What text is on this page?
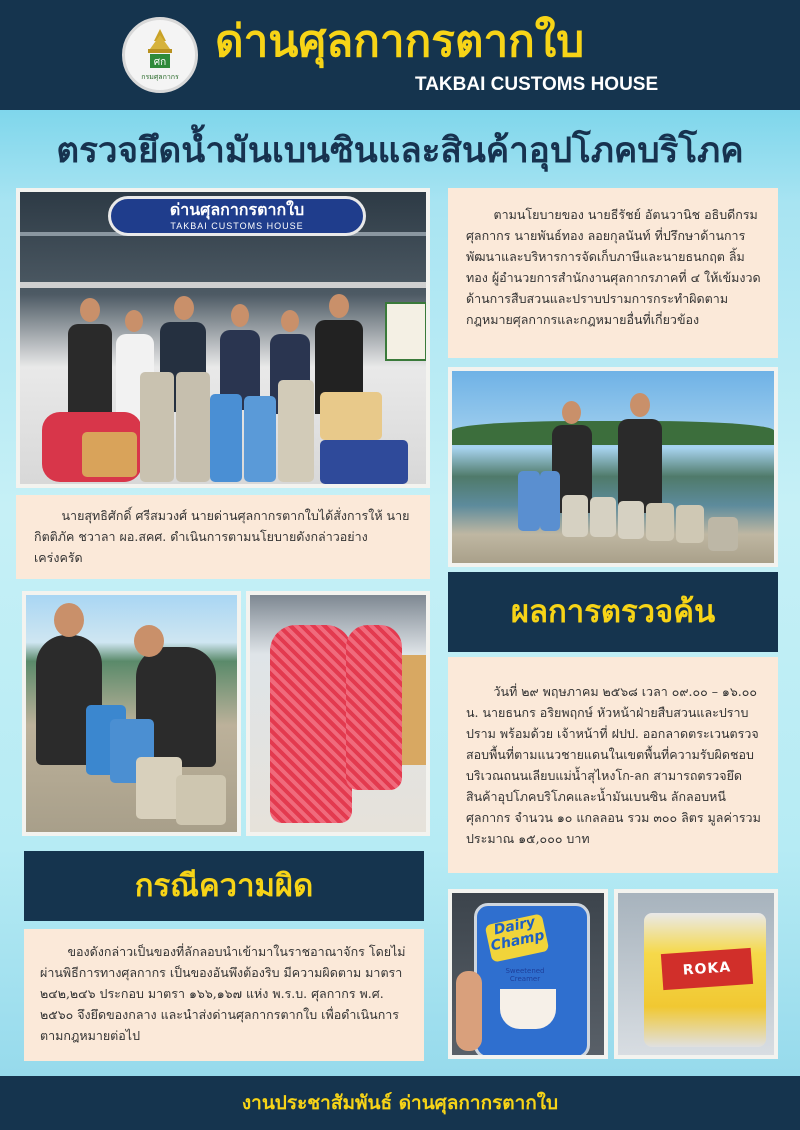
ศก
กรมศุลกากร
ด่านศุลกากรตากใบ
TAKBAI CUSTOMS HOUSE
ตรวจยึดน้ำมันเบนซินและสินค้าอุปโภคบริโภค
ด่านศุลกากรตากใบ
TAKBAI CUSTOMS HOUSE

ตามนโยบายของ นายธีรัชย์ อัตนวานิช อธิบดีกรมศุลกากร นายพันธ์ทอง ลอยกุลนันท์ ที่ปรึกษาด้านการพัฒนาและบริหารการจัดเก็บภาษีและนายธนกฤต ลิ้มทอง ผู้อำนวยการสำนักงานศุลกากรภาคที่ ๔ ให้เข้มงวดด้านการสืบสวนและปราบปรามการกระทำผิดตามกฎหมายศุลกากรและกฎหมายอื่นที่เกี่ยวข้อง

นายสุทธิศักดิ์ ศรีสมวงศ์ นายด่านศุลกากรตากใบได้สั่งการให้ นายกิตติภัค ชวาลา ผอ.สคศ. ดำเนินการตามนโยบายดังกล่าวอย่างเคร่งครัด

ผลการตรวจค้น

วันที่ ๒๙ พฤษภาคม ๒๕๖๘ เวลา ๐๙.๐๐ – ๑๖.๐๐ น. นายธนกร อริยพฤกษ์ หัวหน้าฝ่ายสืบสวนและปราบปราม พร้อมด้วย เจ้าหน้าที่ ฝปป. ออกลาดตระเวนตรวจสอบพื้นที่ตามแนวชายแดนในเขตพื้นที่ความรับผิดชอบ บริเวณถนนเลียบแม่น้ำสุไหงโก-ลก สามารถตรวจยึดสินค้าอุปโภคบริโภคและน้ำมันเบนซิน ลักลอบหนีศุลกากร จำนวน ๑๐ แกลลอน รวม ๓๐๐ ลิตร มูลค่ารวมประมาณ ๑๕,๐๐๐ บาท

กรณีความผิด

ของดังกล่าวเป็นของที่ลักลอบนำเข้ามาในราชอาณาจักร โดยไม่ผ่านพิธีการทางศุลกากร เป็นของอันพึงต้องริบ มีความผิดตาม มาตรา ๒๔๒,๒๔๖ ประกอบ มาตรา ๑๖๖,๑๖๗ แห่ง พ.ร.บ. ศุลกากร พ.ศ. ๒๕๖๐ จึงยึดของกลาง และนำส่งด่านศุลกากรตากใบ เพื่อดำเนินการตามกฎหมายต่อไป

Dairy Champ
Sweetened Creamer
ROKA
งานประชาสัมพันธ์ ด่านศุลกากรตากใบ
